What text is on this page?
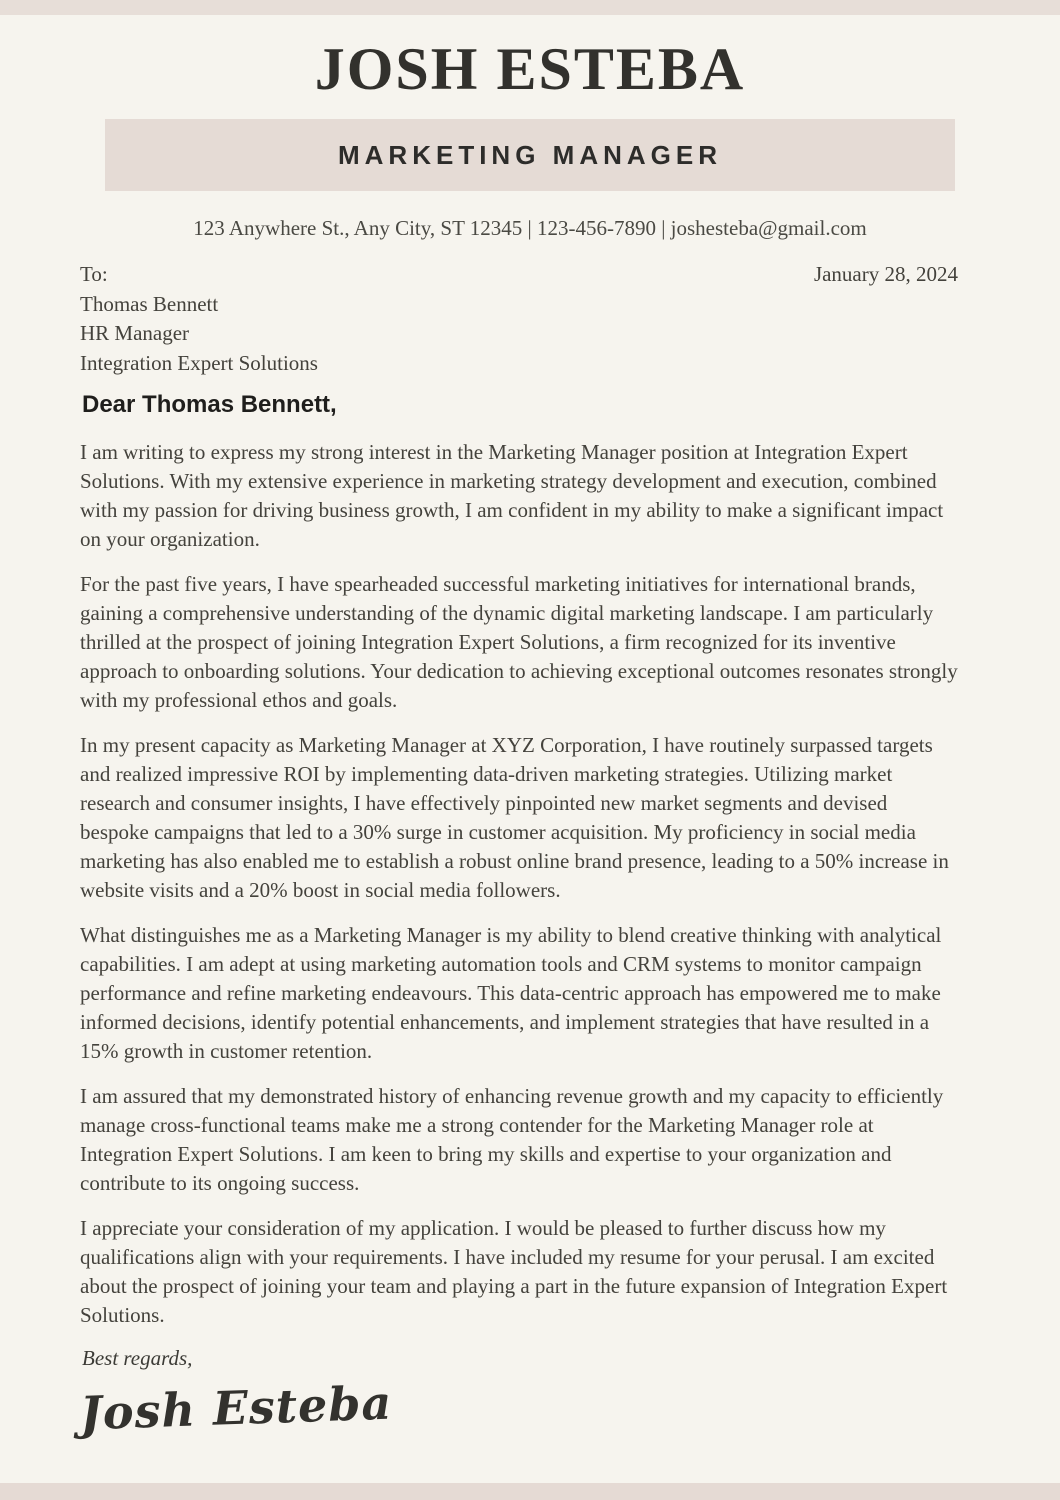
JOSH ESTEBA
MARKETING MANAGER
123 Anywhere St., Any City, ST 12345 | 123-456-7890 | joshesteba@gmail.com
To:
Thomas Bennett
HR Manager
Integration Expert Solutions
January 28, 2024
Dear Thomas Bennett,

I am writing to express my strong interest in the Marketing Manager position at Integration Expert Solutions. With my extensive experience in marketing strategy development and execution, combined with my passion for driving business growth, I am confident in my ability to make a significant impact on your organization.

For the past five years, I have spearheaded successful marketing initiatives for international brands, gaining a comprehensive understanding of the dynamic digital marketing landscape. I am particularly thrilled at the prospect of joining Integration Expert Solutions, a firm recognized for its inventive approach to onboarding solutions. Your dedication to achieving exceptional outcomes resonates strongly with my professional ethos and goals.

In my present capacity as Marketing Manager at XYZ Corporation, I have routinely surpassed targets and realized impressive ROI by implementing data-driven marketing strategies. Utilizing market research and consumer insights, I have effectively pinpointed new market segments and devised bespoke campaigns that led to a 30% surge in customer acquisition. My proficiency in social media marketing has also enabled me to establish a robust online brand presence, leading to a 50% increase in website visits and a 20% boost in social media followers.

What distinguishes me as a Marketing Manager is my ability to blend creative thinking with analytical capabilities. I am adept at using marketing automation tools and CRM systems to monitor campaign performance and refine marketing endeavours. This data-centric approach has empowered me to make informed decisions, identify potential enhancements, and implement strategies that have resulted in a 15% growth in customer retention.

I am assured that my demonstrated history of enhancing revenue growth and my capacity to efficiently manage cross-functional teams make me a strong contender for the Marketing Manager role at Integration Expert Solutions. I am keen to bring my skills and expertise to your organization and contribute to its ongoing success.

I appreciate your consideration of my application. I would be pleased to further discuss how my qualifications align with your requirements. I have included my resume for your perusal. I am excited about the prospect of joining your team and playing a part in the future expansion of Integration Expert Solutions.

Best regards,
Josh Esteba
